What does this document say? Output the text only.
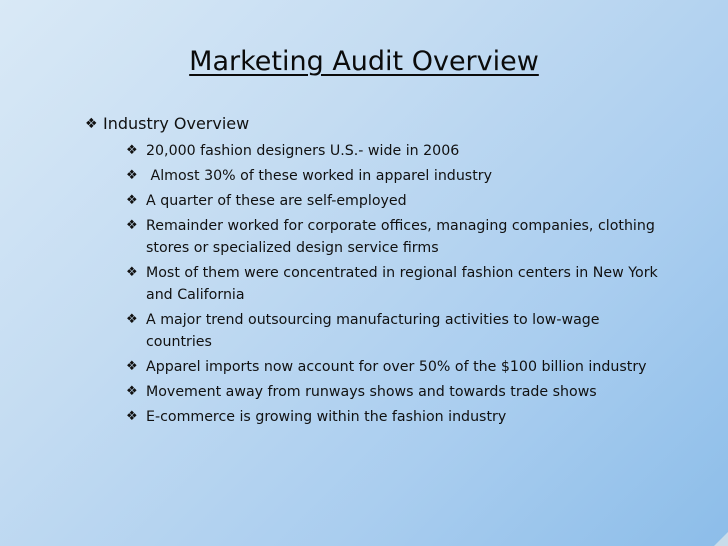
Marketing Audit Overview
❖ Industry Overview
❖ 20,000 fashion designers U.S.- wide in 2006
❖ Almost 30% of these worked in apparel industry
❖ A quarter of these are self-employed
❖ Remainder worked for corporate offices, managing companies, clothing stores or specialized design service firms
❖ Most of them were concentrated in regional fashion centers in New York and California
❖ A major trend outsourcing manufacturing activities to low-wage countries
❖ Apparel imports now account for over 50% of the $100 billion industry
❖ Movement away from runways shows and towards trade shows
❖ E-commerce is growing within the fashion industry
